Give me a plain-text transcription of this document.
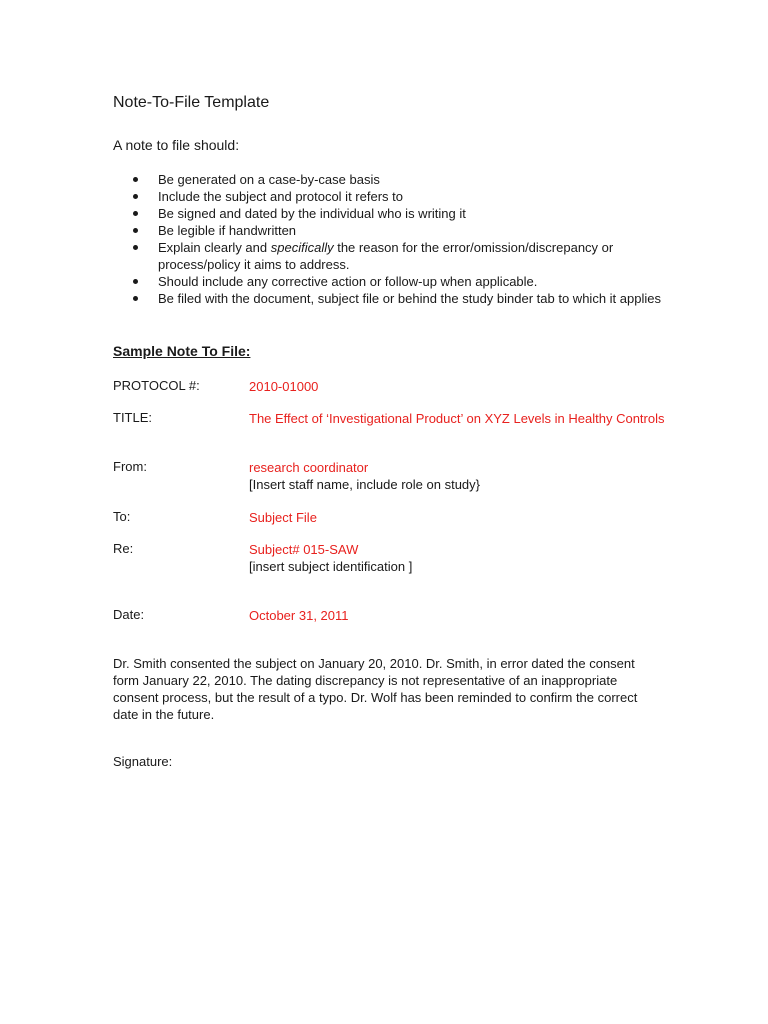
Note-To-File Template
A note to file should:
Be generated on a case-by-case basis
Include the subject and protocol it refers to
Be signed and dated by the individual who is writing it
Be legible if handwritten
Explain clearly and specifically the reason for the error/omission/discrepancy or process/policy it aims to address.
Should include any corrective action or follow-up when applicable.
Be filed with the document, subject file or behind the study binder tab to which it applies
Sample Note To File:
PROTOCOL #:	2010-01000
TITLE:	The Effect of ‘Investigational Product’ on XYZ Levels in Healthy Controls
From:	research coordinator
[Insert staff name, include role on study}
To:	Subject File
Re:	Subject# 015-SAW
[insert subject identification ]
Date:	October 31, 2011
Dr. Smith consented the subject on January 20, 2010. Dr. Smith, in error dated the consent form January 22, 2010. The dating discrepancy is not representative of an inappropriate consent process, but the result of a typo. Dr. Wolf has been reminded to confirm the correct date in the future.
Signature:
